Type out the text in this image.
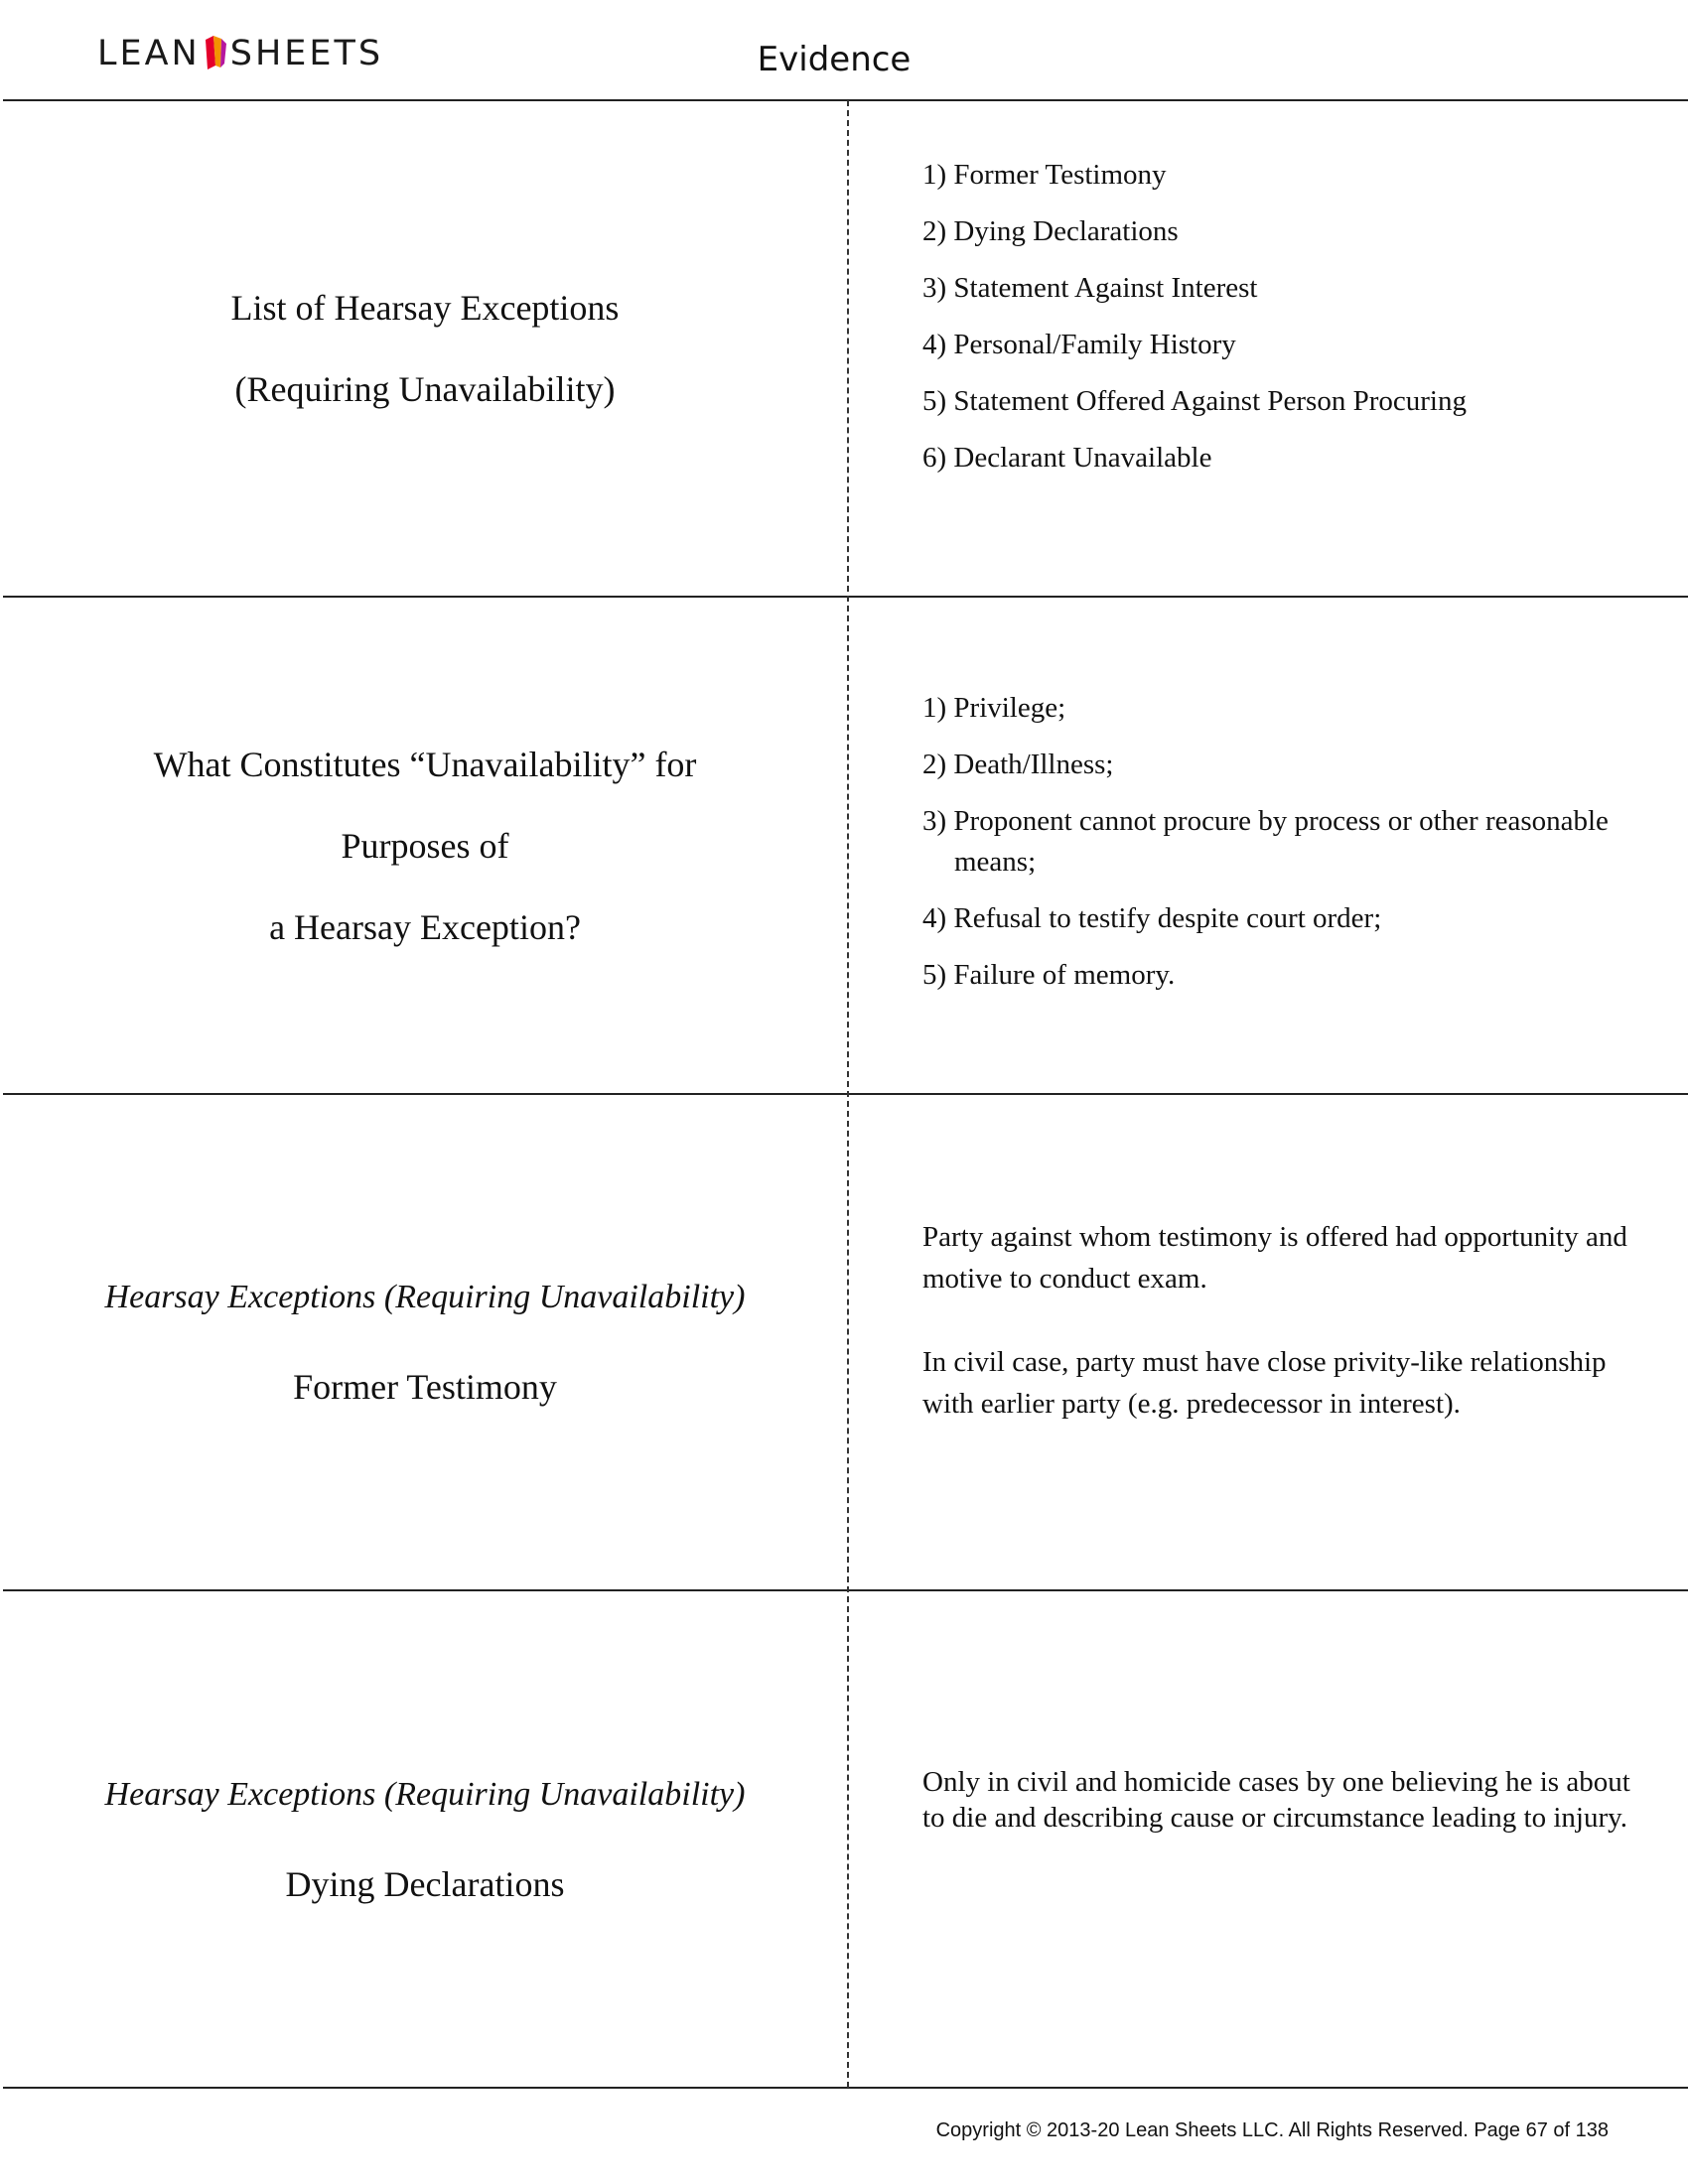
LEAN SHEETS	Evidence
List of Hearsay Exceptions
(Requiring Unavailability)
1) Former Testimony
2) Dying Declarations
3) Statement Against Interest
4) Personal/Family History
5) Statement Offered Against Person Procuring
6) Declarant Unavailable
What Constitutes “Unavailability” for
Purposes of
a Hearsay Exception?
1) Privilege;
2) Death/Illness;
3) Proponent cannot procure by process or other reasonable means;
4) Refusal to testify despite court order;
5) Failure of memory.
Hearsay Exceptions (Requiring Unavailability)
Former Testimony

Party against whom testimony is offered had opportunity and motive to conduct exam.

In civil case, party must have close privity-like relationship with earlier party (e.g. predecessor in interest).

Hearsay Exceptions (Requiring Unavailability)
Dying Declarations

Only in civil and homicide cases by one believing he is about to die and describing cause or circumstance leading to injury.

Copyright © 2013-20 Lean Sheets LLC. All Rights Reserved. Page 67 of 138
